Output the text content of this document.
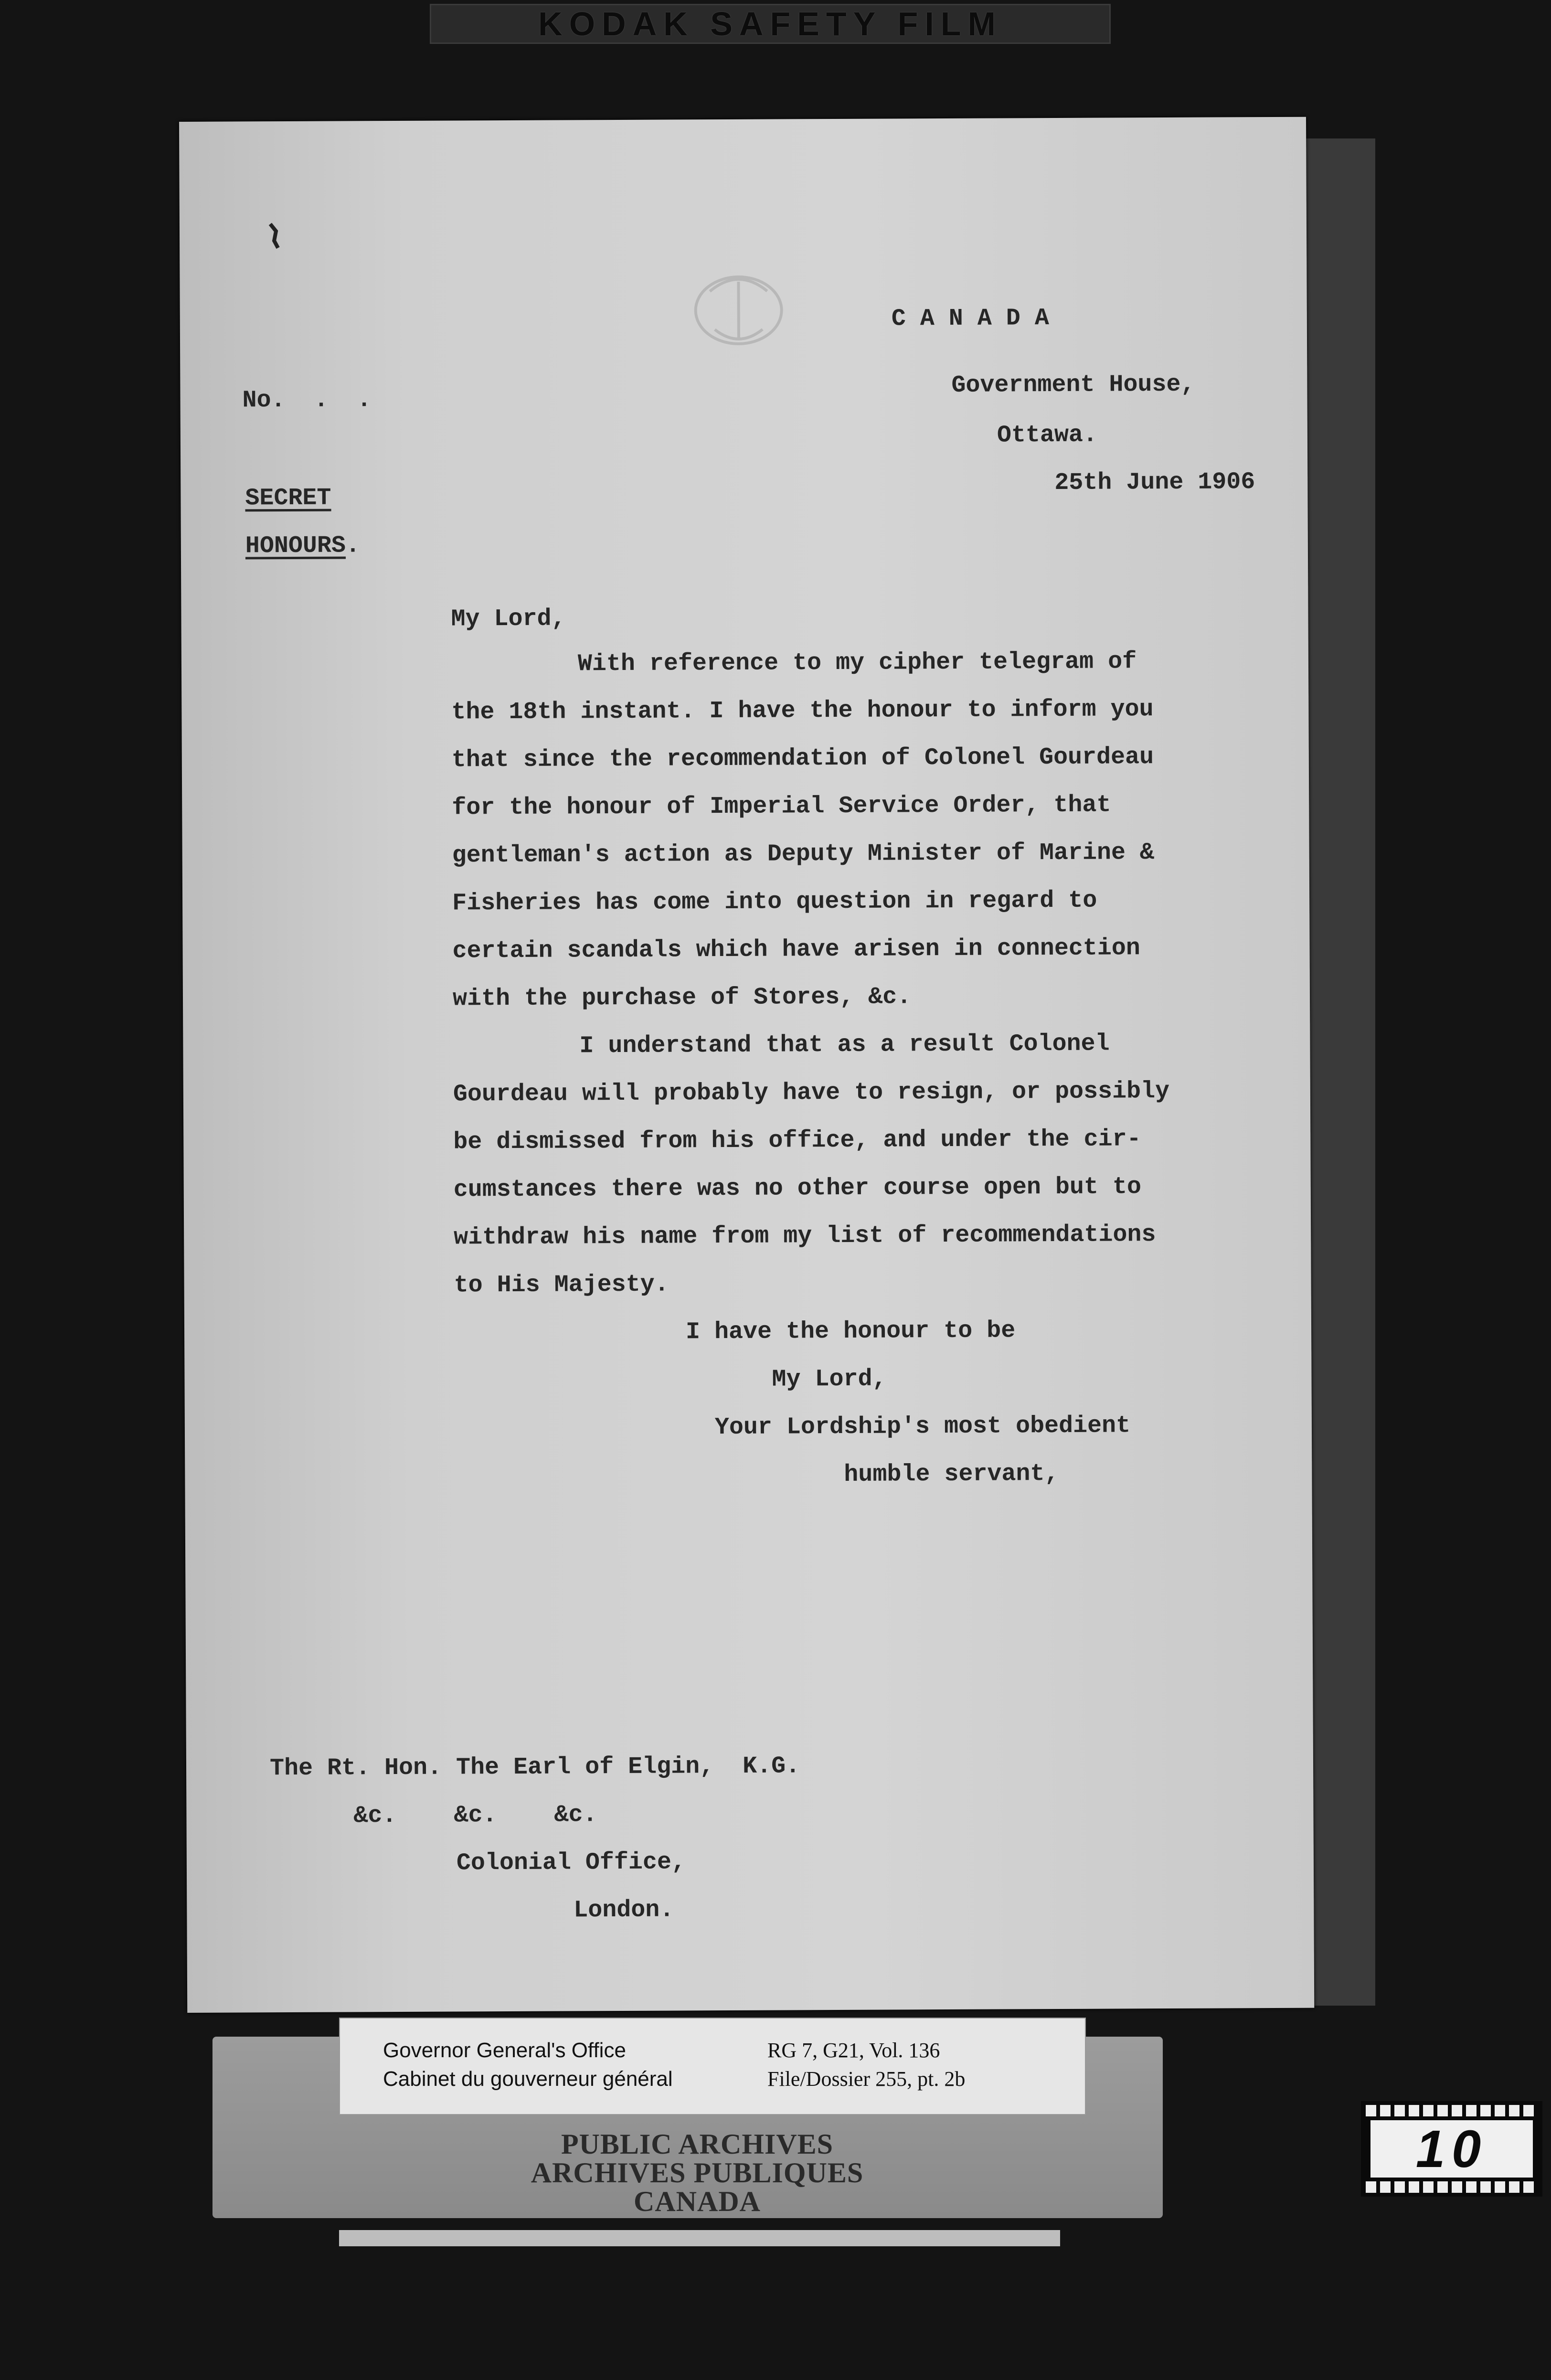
KODAK SAFETY FILM
C A N A D A
Government House,
Ottawa.
25th June 1906
No.  .  .
SECRET
HONOURS.
My Lord,
With reference to my cipher telegram of
the 18th instant. I have the honour to inform you
that since the recommendation of Colonel Gourdeau
for the honour of Imperial Service Order, that
gentleman's action as Deputy Minister of Marine &
Fisheries has come into question in regard to
certain scandals which have arisen in connection
with the purchase of Stores, &c.
I understand that as a result Colonel
Gourdeau will probably have to resign, or possibly
be dismissed from his office, and under the cir-
cumstances there was no other course open but to
withdraw his name from my list of recommendations
to His Majesty.
I have the honour to be
My Lord,
Your Lordship's most obedient
humble servant,
The Rt. Hon. The Earl of Elgin,  K.G.
&c.    &c.    &c.
Colonial Office,
London.
Governor General's Office
Cabinet du gouverneur général
RG 7, G21, Vol. 136
File/Dossier 255, pt. 2b
PUBLIC ARCHIVES
ARCHIVES PUBLIQUES
CANADA
10
